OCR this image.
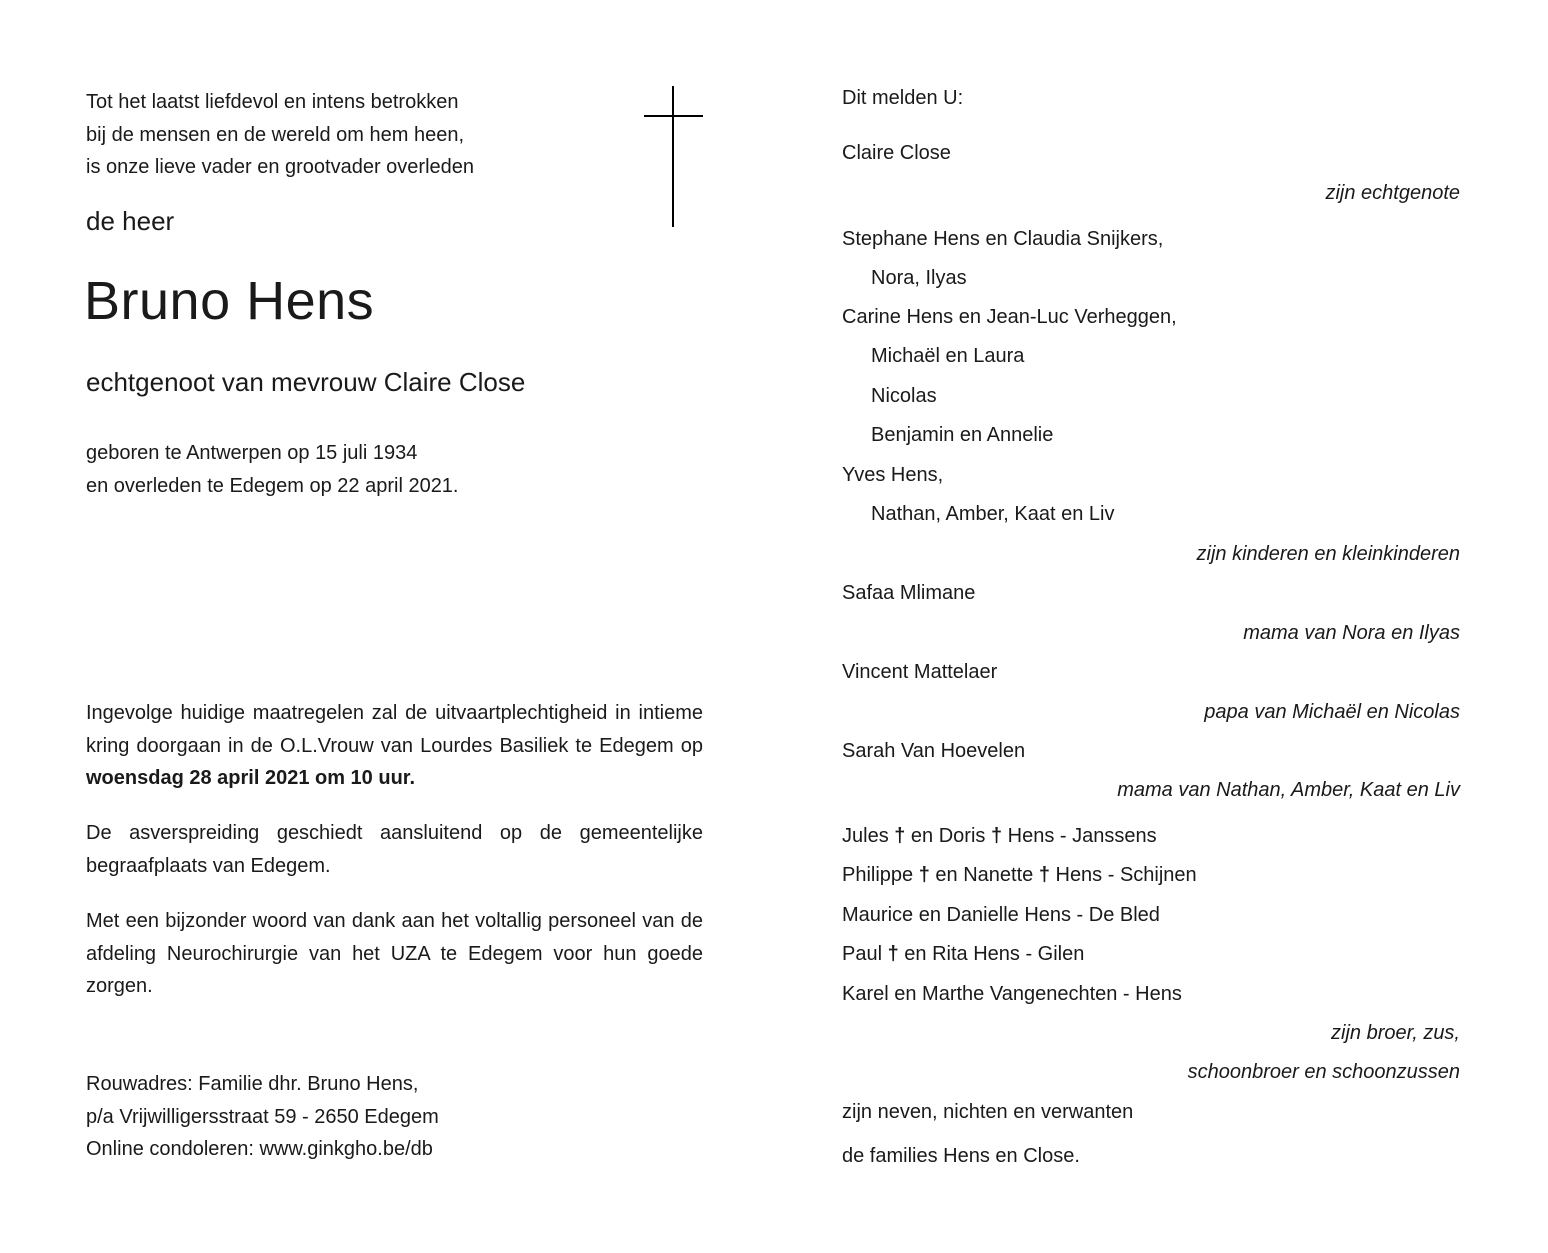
Tot het laatst liefdevol en intens betrokken
bij de mensen en de wereld om hem heen,
is onze lieve vader en grootvader overleden
de heer
Bruno Hens
echtgenoot van mevrouw Claire Close
geboren te Antwerpen op 15 juli 1934
en overleden te Edegem op 22 april 2021.
Ingevolge huidige maatregelen zal de uitvaartplechtigheid in intieme kring doorgaan in de O.L.Vrouw van Lourdes Basiliek te Edegem op woensdag 28 april 2021 om 10 uur.
De asverspreiding geschiedt aansluitend op de gemeentelijke begraafplaats van Edegem.
Met een bijzonder woord van dank aan het voltallig personeel van de afdeling Neurochirurgie van het UZA te Edegem voor hun goede zorgen.
Rouwadres: Familie dhr. Bruno Hens,
p/a Vrijwilligersstraat 59 - 2650 Edegem
Online condoleren: www.ginkgho.be/db
Dit melden U:
Claire Close
zijn echtgenote
Stephane Hens en Claudia Snijkers,
Nora, Ilyas
Carine Hens en Jean-Luc Verheggen,
Michaël en Laura
Nicolas
Benjamin en Annelie
Yves Hens,
Nathan, Amber, Kaat en Liv
zijn kinderen en kleinkinderen
Safaa Mlimane
mama van Nora en Ilyas
Vincent Mattelaer
papa van Michaël en Nicolas
Sarah Van Hoevelen
mama van Nathan, Amber, Kaat en Liv
Jules † en Doris † Hens - Janssens
Philippe † en Nanette † Hens - Schijnen
Maurice en Danielle Hens - De Bled
Paul † en Rita Hens - Gilen
Karel en Marthe Vangenechten - Hens
zijn broer, zus,
schoonbroer en schoonzussen
zijn neven, nichten en verwanten
de families Hens en Close.
